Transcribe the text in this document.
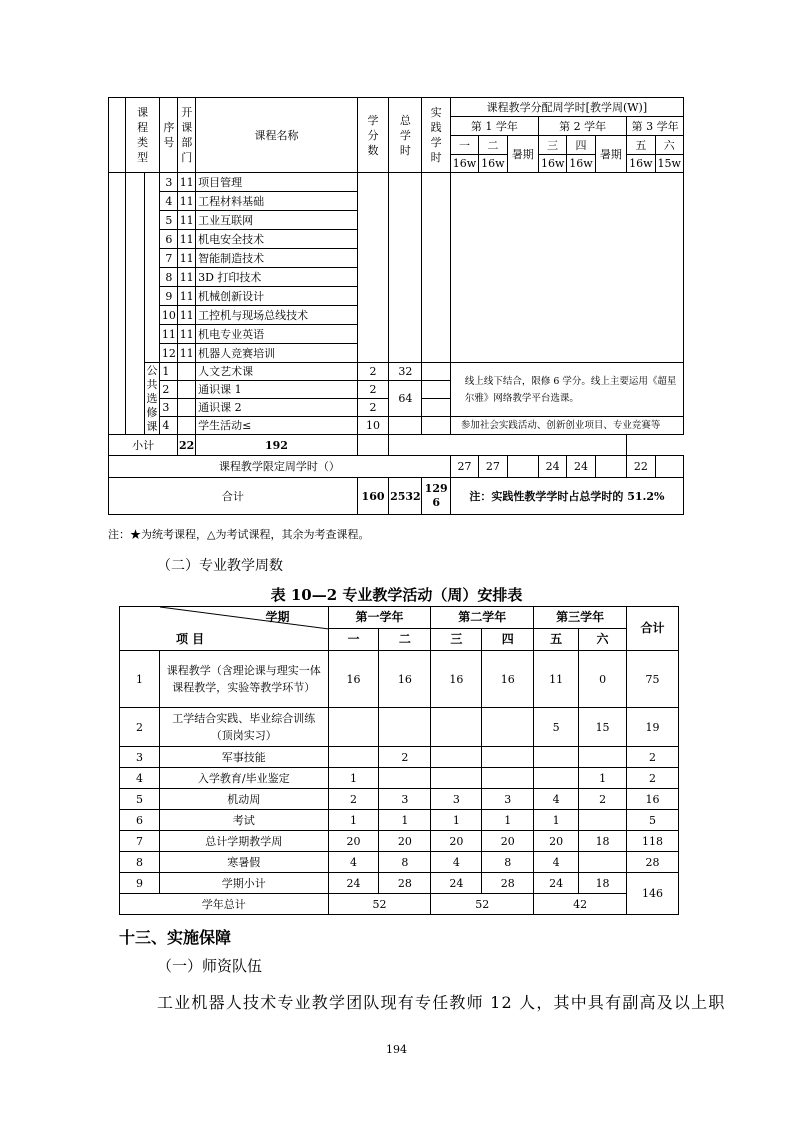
	课程类型		序号	开课部门	课程名称	学分数	总学时	实践学时	课程教学分配周学时[教学周(W)]							
									第 1 学年			第 2 学年			第 3 学年	
									一	二	暑期	三	四	暑期	五	六
									16w	16w		16w	16w		16w	15w
			3	11	项目管理											
			4	11	工程材料基础											
			5	11	工业互联网											
			6	11	机电安全技术											
			7	11	智能制造技术											
			8	11	3D 打印技术											
			9	11	机械创新设计											
			10	11	工控机与现场总线技术											
			11	11	机电专业英语											
			12	11	机器人竞赛培训											
		公共选修课	1		人文艺术课	2	32		线上线下结合，限修 6 学分。线上主要运用《超星尔雅》网络教学平台选课。							
			2		通识课 1	2	64									
			3		通识课 2	2										
			4		学生活动≤	10			参加社会实践活动、创新创业项目、专业竞赛等							
小计				22	192											
课程教学限定周学时（）									27	27		24	24		22	
合计						160	2532	1296	注：实践性教学学时占总学时的 51.2%							
注：★为统考课程，△为考试课程，其余为考查课程。
（二）专业教学周数
表 10—2 专业教学活动（周）安排表
学期
项 目		第一学年		第二学年		第三学年		合计
		一	二	三	四	五	六	
1	课程教学（含理论课与理实一体课程教学，实验等教学环节）	16	16	16	16	11	0	75
2	工学结合实践、毕业综合训练（顶岗实习）					5	15	19
3	军事技能		2					2
4	入学教育/毕业鉴定	1					1	2
5	机动周	2	3	3	3	4	2	16
6	考试	1	1	1	1	1		5
7	总计学期教学周	20	20	20	20	20	18	118
8	寒暑假	4	8	4	8	4		28
9	学期小计	24	28	24	28	24	18	146
学年总计		52		52		42		
十三、实施保障
（一）师资队伍
工业机器人技术专业教学团队现有专任教师 12 人，其中具有副高及以上职
194
